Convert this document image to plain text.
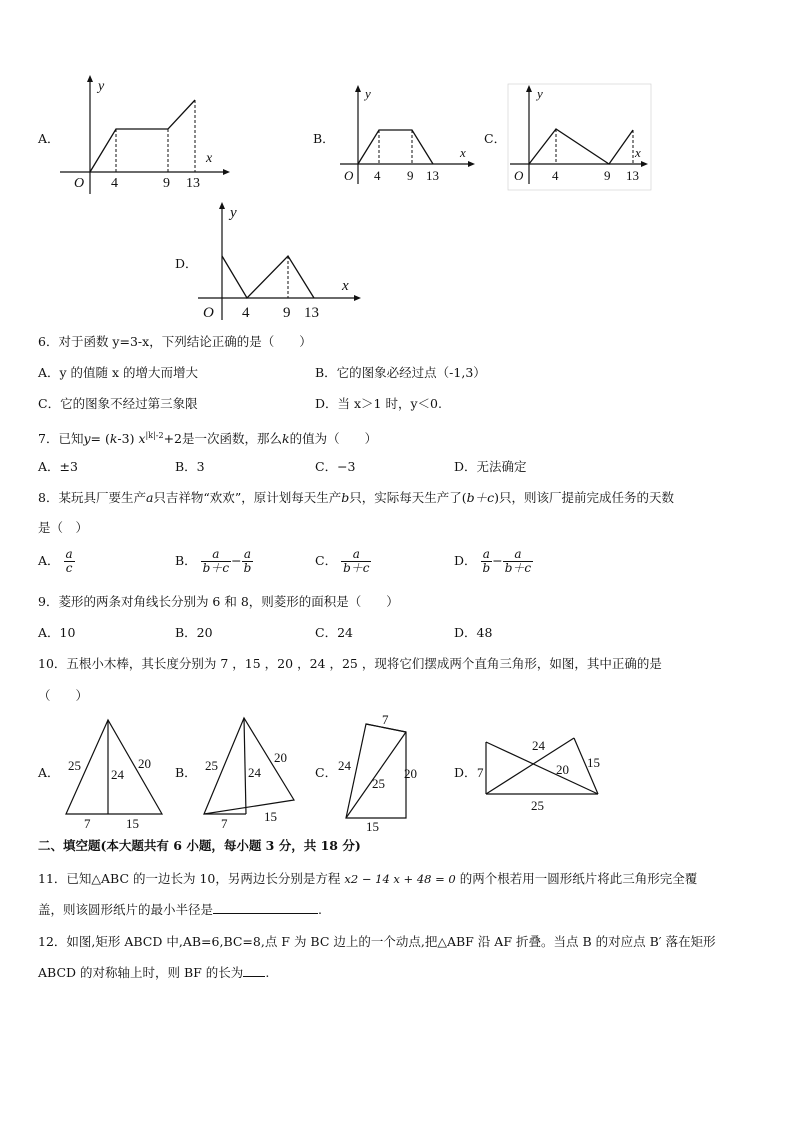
A．
y
x
O 4	9 13
B．
y
x
O 4 9 13
C．
y
x
O 4	9 13
D．
y
x
O 4 9 13
6．对于函数 y=3-x，下列结论正确的是（　　）
A．y 的值随 x 的增大而增大	B．它的图象必经过点（-1,3）
C．它的图象不经过第三象限	D．当 x＞1 时，y＜0.
7．已知y= (k-3) $x^{|k|-2}+2$是一次函数，那么k的值为（　　）
A．±3	B．3	C．−3	D．无法确定
8．某玩具厂要生产a只吉祥物“欢欢”，原计划每天生产b只，实际每天生产了(b＋c)只，则该厂提前完成任务的天数
是（　）
A． $\frac{a}{c}$	B． $\frac{a}{b+c} - \frac{a}{b}$	C． $\frac{a}{b+c}$	D． $\frac{a}{b} - \frac{a}{b+c}$
9．菱形的两条对角线长分别为 6 和 8，则菱形的面积是（　　）
A．10	B．20	C．24	D．48
10．五根小木棒，其长度分别为 7 ，15 ，20 ，24 ，25 ，现将它们摆成两个直角三角形，如图，其中正确的是
（　　）
A． 25
24
20
7	15
B． 25 24
20
7	15
C．
7
24
25
20
15
D． 7
24
20 15
25
二、填空题(本大题共有 6 小题，每小题 3 分，共 18 分)
11．已知△ABC 的一边长为 10，另两边长分别是方程 x2 − 14 x + 48 = 0 的两个根若用一圆形纸片将此三角形完全覆
盖，则该圆形纸片的最小半径是	.
12．如图,矩形 ABCD 中,AB=6,BC=8,点 F 为 BC 边上的一个动点,把△ABF 沿 AF 折叠。当点 B 的对应点 B′ 落在矩形
ABCD 的对称轴上时，则 BF 的长为 .
